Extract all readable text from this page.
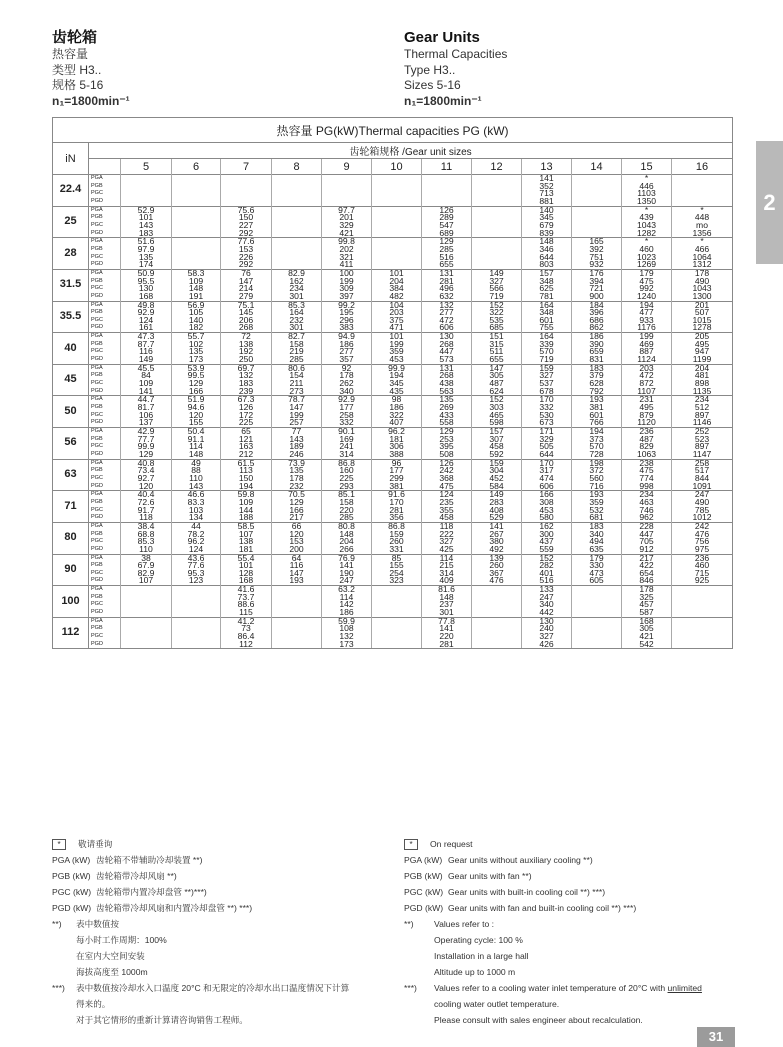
齿轮箱
热容量
类型 H3..
规格 5-16
n₁=1800min⁻¹
Gear Units
Thermal Capacities
Type H3..
Sizes 5-16
n₁=1800min⁻¹
2
热容量 PG(kW)Thermal capacities PG (kW)													
iN	齿轮箱规格 /Gear unit sizes												
		5	6	7	8	9	10	11	12	13	14	15	16
22.4	PGA									141		*	
	PGB									352		446	
	PGC									713		1103	
	PGD									881		1350	
25	PGA	52.9		75.6		97.7		126		140		*	*
	PGB	101		150		201		289		345		439	448
	PGC	143		227		329		547		679		1043	mo
	PGD	183		292		421		689		839		1282	1356
28	PGA	51.6		77.6		99.8		129		148	165	*	*
	PGB	97.9		153		202		285		346	392	460	466
	PGC	135		226		321		516		644	751	1023	1064
	PGD	174		292		411		655		803	932	1269	1312
31.5	PGA	50.9	58.3	76	82.9	100	101	131	149	157	176	179	178
	PGB	95.5	109	147	162	199	204	281	327	348	394	475	490
	PGC	130	148	214	234	309	384	496	566	625	721	992	1043
	PGD	168	191	279	301	397	482	632	719	781	900	1240	1300
35.5	PGA	49.8	56.9	75.1	85.3	99.2	104	132	152	164	184	194	201
	PGB	92.9	105	145	164	195	203	277	322	348	396	477	507
	PGC	124	140	206	232	296	375	472	535	601	686	933	1015
	PGD	161	182	268	301	383	471	606	685	755	862	1176	1278
40	PGA	47.3	55.7	72	82.7	94.9	101	130	151	164	186	199	205
	PGB	87.7	102	138	158	186	199	268	315	339	390	469	495
	PGC	116	135	192	219	277	359	447	511	570	659	887	947
	PGD	149	173	250	285	357	453	573	655	719	831	1124	1199
45	PGA	45.5	53.9	69.7	80.6	92	99.9	131	147	159	183	203	204
	PGB	84	99.5	132	154	178	194	268	305	327	379	472	481
	PGC	109	129	183	211	262	345	438	487	537	628	872	898
	PGD	141	166	239	273	340	435	563	624	678	792	1107	1135
50	PGA	44.7	51.9	67.3	78.7	92.9	98	135	152	170	193	231	234
	PGB	81.7	94.6	126	147	177	186	269	303	332	381	495	512
	PGC	106	120	172	199	258	322	433	465	530	601	879	897
	PGD	137	155	225	257	332	407	558	598	673	766	1120	1146
56	PGA	42.9	50.4	65	77	90.1	96.2	129	157	171	194	236	252
	PGB	77.7	91.1	121	143	169	181	253	307	329	373	487	523
	PGC	99.9	114	163	189	241	306	395	458	505	570	829	897
	PGD	129	148	212	246	314	388	508	592	644	728	1063	1147
63	PGA	40.8	49	61.5	73.9	86.8	96	126	159	170	198	238	258
	PGB	73.4	88	113	135	160	177	242	304	317	372	475	517
	PGC	92.7	110	150	178	225	299	368	452	474	560	774	844
	PGD	120	143	194	232	293	381	475	584	606	716	998	1091
71	PGA	40.4	46.6	59.8	70.5	85.1	91.6	124	149	166	193	234	247
	PGB	72.6	83.3	109	129	158	170	235	283	308	359	463	490
	PGC	91.7	103	144	166	220	281	355	408	453	532	746	785
	PGD	118	134	188	217	285	356	458	529	580	681	962	1012
80	PGA	38.4	44	58.5	66	80.8	86.8	118	141	162	183	228	242
	PGB	68.8	78.2	107	120	148	159	222	267	300	340	447	476
	PGC	85.3	96.2	138	153	204	260	327	380	437	494	705	756
	PGD	110	124	181	200	266	331	425	492	559	635	912	975
90	PGA	38	43.6	55.4	64	76.9	85	114	139	152	179	217	236
	PGB	67.9	77.6	101	116	141	155	215	260	282	330	422	460
	PGC	82.9	95.3	128	147	190	254	314	367	401	473	654	715
	PGD	107	123	168	193	247	323	409	476	516	605	846	925
100	PGA			41.6		63.2		81.6		133		178	
	PGB			73.7		114		148		247		325	
	PGC			88.6		142		237		340		457	
	PGD			115		186		301		442		587	
112	PGA			41.2		59.9		77.8		130		168	
	PGB			73		108		141		240		305	
	PGC			86.4		132		220		327		421	
	PGD			112		173		281		426		542	
* 敬请垂询
PGA (kW) 齿轮箱不带辅助冷却装置 **)
PGB (kW) 齿轮箱带冷却风扇 **)
PGC (kW) 齿轮箱带内置冷却盘管 **)***)
PGD (kW) 齿轮箱带冷却风扇和内置冷却盘管 **) ***)
**) 表中数值按
每小时工作周期：100%
在室内大空间安装
海拔高度至 1000m
***) 表中数值按冷却水入口温度 20°C 和无限定的冷却水出口温度情况下计算
得来的。
对于其它情形的重新计算请咨询销售工程师。
* On request
PGA (kW) Gear units without auxiliary cooling **)
PGB (kW) Gear units with fan **)
PGC (kW) Gear units with built-in cooling coil **) ***)
PGD (kW) Gear units with fan and built-in cooling coil **) ***)
**) Values refer to :
Operating cycle: 100 %
Installation in a large hall
Altitude up to 1000 m
***) Values refer to a cooling water inlet temperature of 20°C with unlimited
cooling water outlet temperature.
Please consult with sales engineer about recalculation.
31
